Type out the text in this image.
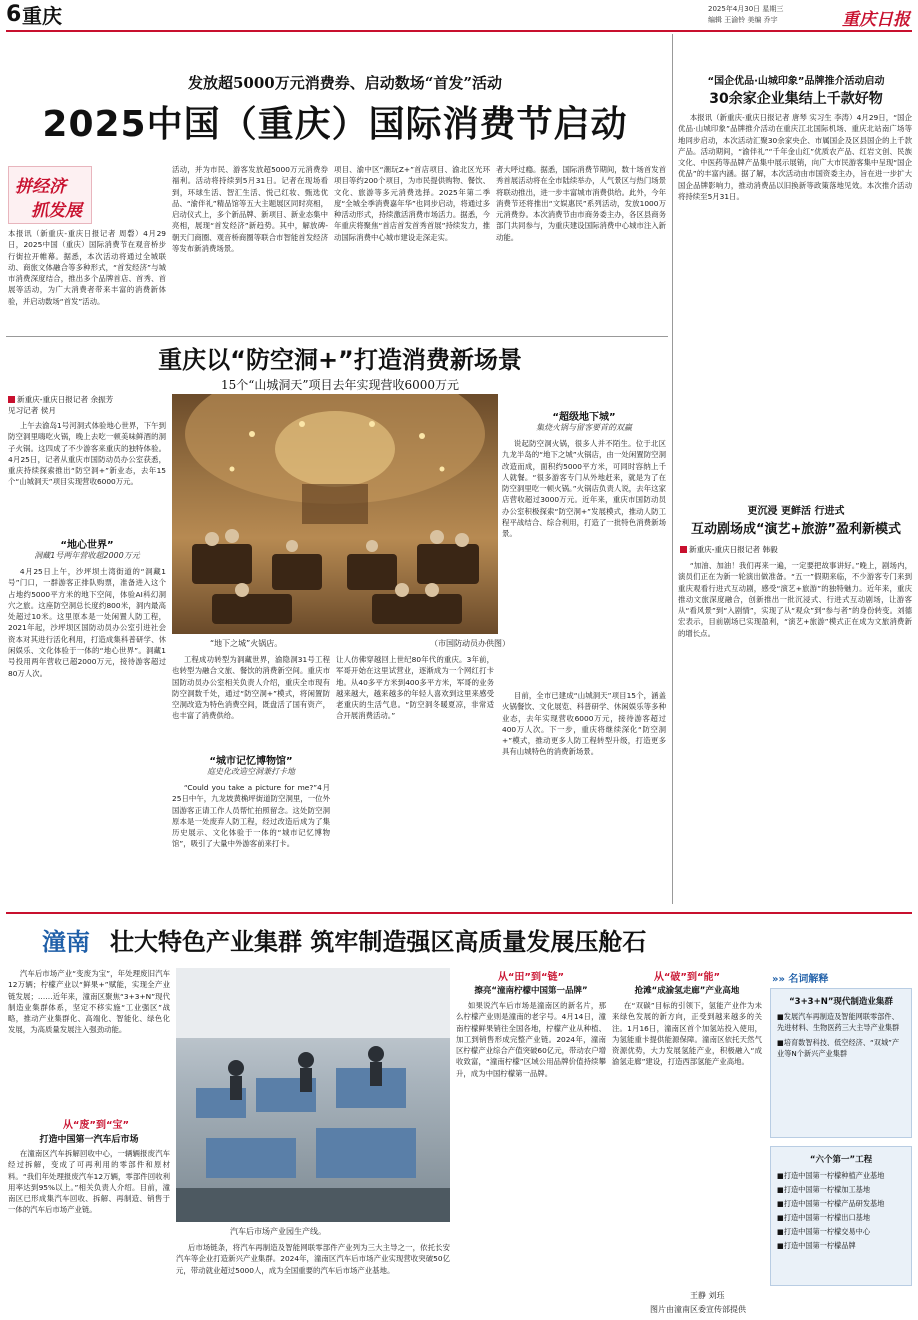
6 重庆	2025年4月30日 星期三
编辑 王渝铃 美编 乔宇	重庆日报
发放超5000万元消费券、启动数场“首发”活动
2025中国（重庆）国际消费节启动
拼经济
抓发展
本报讯（新重庆-重庆日报记者 周磬）4月29日，2025中国（重庆）国际消费节在观音桥步行街拉开帷幕。据悉，本次活动将通过全城联动、商旅文体融合等多种形式，“首发经济”与城市消费深度结合，推出多个品牌首店、首秀、首展等活动，为广大消费者带来丰富的消费新体验，并启动数场“首发”活动。
活动，并为市民、游客发放超5000万元消费券福利。活动将持续到5月31日。记者在现场看到，环球生活、智汇生活、悦己红妆、甄选优品、“渝伴礼”精品馆等五大主题展区同时亮相，启动仪式上，多个新品牌、新项目、新业态集中亮相，展现“首发经济”新趋势。其中，解放碑-朝天门商圈、观音桥商圈等联合市智能首发经济等发布新消费场景。
项目、渝中区“潮玩Z+”首店项目、渝北区光环项目等约200个项目，为市民提供购物、餐饮、文化、旅游等多元消费选择。2025年第二季度“全城全季消费嘉年华”也同步启动，将通过多种活动形式，持续激活消费市场活力。据悉，今年重庆将聚焦“首店首发首秀首展”持续发力，推动国际消费中心城市建设走深走实。
者大呼过瘾。据悉，国际消费节期间，数十场首发首秀首展活动将在全市陆续举办，人气景区与热门场景将联动推出，进一步丰富城市消费供给。此外，今年消费节还将推出“文娱惠民”系列活动，发放1000万元消费券。本次消费节由市商务委主办，各区县商务部门共同参与，为重庆建设国际消费中心城市注入新动能。
“国企优品·山城印象”品牌推介活动启动
30余家企业集结上千款好物
本报讯（新重庆-重庆日报记者 唐琴 实习生 李涛）4月29日，“国企优品·山城印象”品牌推介活动在重庆江北国际机场、重庆北站南广场等地同步启动，本次活动汇聚30余家央企、市属国企及区县国企的上千款产品。活动期间，“渝伴礼”“千年金山红”优质农产品、红岩文创、民族文化、中医药等品牌产品集中展示展销，向广大市民游客集中呈现“国企优品”的丰富内涵。据了解，本次活动由市国资委主办，旨在进一步扩大国企品牌影响力，推动消费品以旧换新等政策落地见效。本次推介活动将持续至5月31日。
更沉浸 更鲜活 行进式
互动剧场成“演艺+旅游”盈利新模式
新重庆-重庆日报记者 韩毅
“加油、加油！我们再来一遍，一定要把故事讲好。”晚上，剧场内，演员们正在为新一轮演出做准备。“五一”假期来临，不少游客专门来到重庆观看行进式互动剧，感受“演艺+旅游”的独特魅力。近年来，重庆推动文旅深度融合，创新推出一批沉浸式、行进式互动剧场，让游客从“看风景”到“入剧情”，实现了从“观众”到“参与者”的身份转变。刘德宏表示，目前剧场已实现盈利，“演艺+旅游”模式正在成为文旅消费新的增长点。
重庆以“防空洞+”打造消费新场景
15个“山城洞天”项目去年实现营收6000万元
新重庆-重庆日报记者 余振芳
见习记者 侯月
上午去渝岛1号河洞式体验地心世界，下午到防空洞里嗨吃火锅，晚上去吃一顿美味鲜酒的洞子火锅。这四成了不少游客来重庆的独特体验。4月25日，记者从重庆市国防动员办公室获悉，重庆持续探索推出“防空洞+”新业态，去年15个“山城洞天”项目实现营收6000万元。
“地心世界”
洞藏1号两年营收超2000万元
4月25日上午，沙坪坝土湾街道的“洞藏1号”门口，一群游客正排队购票，准备进入这个占地约5000平方米的地下空间，体验AI科幻洞穴之旅。这座防空洞总长度约800米，洞内最高处超过10米。这里原本是一处闲置人防工程，2021年起，沙坪坝区国防动员办公室引进社会资本对其进行活化利用，打造成集科普研学、休闲娱乐、文化体验于一体的“地心世界”。洞藏1号投用两年营收已超2000万元，接待游客超过80万人次。
“地下之城”火锅店。	（市国防动员办供图）
工程成功转型为洞藏世界，渝隐洞31号工程也转型为融合文旅、餐饮的消费新空间。重庆市国防动员办公室相关负责人介绍，重庆全市现有防空洞数千处，通过“防空洞+”模式，将闲置防空洞改造为特色消费空间，既盘活了国有资产，也丰富了消费供给。
“城市记忆博物馆”
庭史化改造空洞兼打卡地
“Could you take a picture for me?”4月25日中午，九龙坡黄桷坪街道防空洞里，一位外国游客正请工作人员帮忙拍照留念。这处防空洞原本是一处废弃人防工程，经过改造后成为了集历史展示、文化体验于一体的“城市记忆博物馆”，吸引了大量中外游客前来打卡。
让人仿佛穿越回上世纪80年代的重庆。3年前，军哥开始在这里试营业，逐渐成为一个网红打卡地。从40多平方米到400多平方米，军哥的业务越来越大，越来越多的年轻人喜欢到这里来感受老重庆的生活气息。“防空洞冬暖夏凉，非常适合开展消费活动。”
“超级地下城”
集烧火锅与留客要首的双赢
说起防空洞火锅，很多人并不陌生。位于北区九龙半岛的“地下之城”火锅店，由一处闲置防空洞改造而成，面积约5000平方米，可同时容纳上千人就餐。“很多游客专门从外地赶来，就是为了在防空洞里吃一顿火锅。”火锅店负责人说，去年这家店营收超过3000万元。近年来，重庆市国防动员办公室积极探索“防空洞+”发展模式，推动人防工程平战结合、综合利用，打造了一批特色消费新场景。
目前，全市已建成“山城洞天”项目15个，涵盖火锅餐饮、文化展览、科普研学、休闲娱乐等多种业态，去年实现营收6000万元，接待游客超过400万人次。下一步，重庆将继续深化“防空洞+”模式，推动更多人防工程转型升级，打造更多具有山城特色的消费新场景。
潼南 壮大特色产业集群 筑牢制造强区高质量发展压舱石
汽车后市场产业“变废为宝”，年处理废旧汽车12万辆；柠檬产业以“鲜果+”赋能，实现全产业链发展；……近年来，潼南区聚焦“3+3+N”现代制造业集群体系，坚定不移实施“工业强区”战略，推动产业集群化、高端化、智能化、绿色化发展，为高质量发展注入强劲动能。
从“废”到“宝”
打造中国第一汽车后市场
在潼南区汽车拆解回收中心，一辆辆报废汽车经过拆解，变成了可再利用的零部件和原材料。“我们年处理报废汽车12万辆，零部件回收利用率达到95%以上。”相关负责人介绍。目前，潼南区已形成集汽车回收、拆解、再制造、销售于一体的汽车后市场产业链。
汽车后市场产业园生产线。
后市场链条，将汽车再制造及智能网联零部件产业列为三大主导之一，依托长安汽车等企业打造新兴产业集群。2024年，潼南区汽车后市场产业实现营收突破50亿元，带动就业超过5000人，成为全国重要的汽车后市场产业基地。
从“田”到“链”
擦亮“潼南柠檬中国第一品牌”
如果说汽车后市场是潼南区的新名片，那么柠檬产业则是潼南的老字号。4月14日，潼南柠檬鲜果销往全国各地，柠檬产业从种植、加工到销售形成完整产业链。2024年，潼南区柠檬产业综合产值突破60亿元，带动农户增收致富，“潼南柠檬”区域公用品牌价值持续攀升，成为中国柠檬第一品牌。
从“破”到“能”
抢滩“成渝氢走廊”产业高地
在“双碳”目标的引领下，氢能产业作为未来绿色发展的新方向，正受到越来越多的关注。1月16日，潼南区首个加氢站投入使用，为氢能重卡提供能源保障。潼南区依托天然气资源优势，大力发展氢能产业，积极融入“成渝氢走廊”建设，打造西部氢能产业高地。
王静 刘珏
图片由潼南区委宣传部提供
»» 名词解释
“3+3+N”现代制造业集群
■发展汽车再制造及智能网联零部件、先进材料、生物医药三大主导产业集群
■培育数智科技、低空经济、“双城”产业等N个新兴产业集群
“六个第一”工程
■打造中国第一柠檬种植产业基地
■打造中国第一柠檬加工基地
■打造中国第一柠檬产品研发基地
■打造中国第一柠檬出口基地
■打造中国第一柠檬交易中心
■打造中国第一柠檬品牌
